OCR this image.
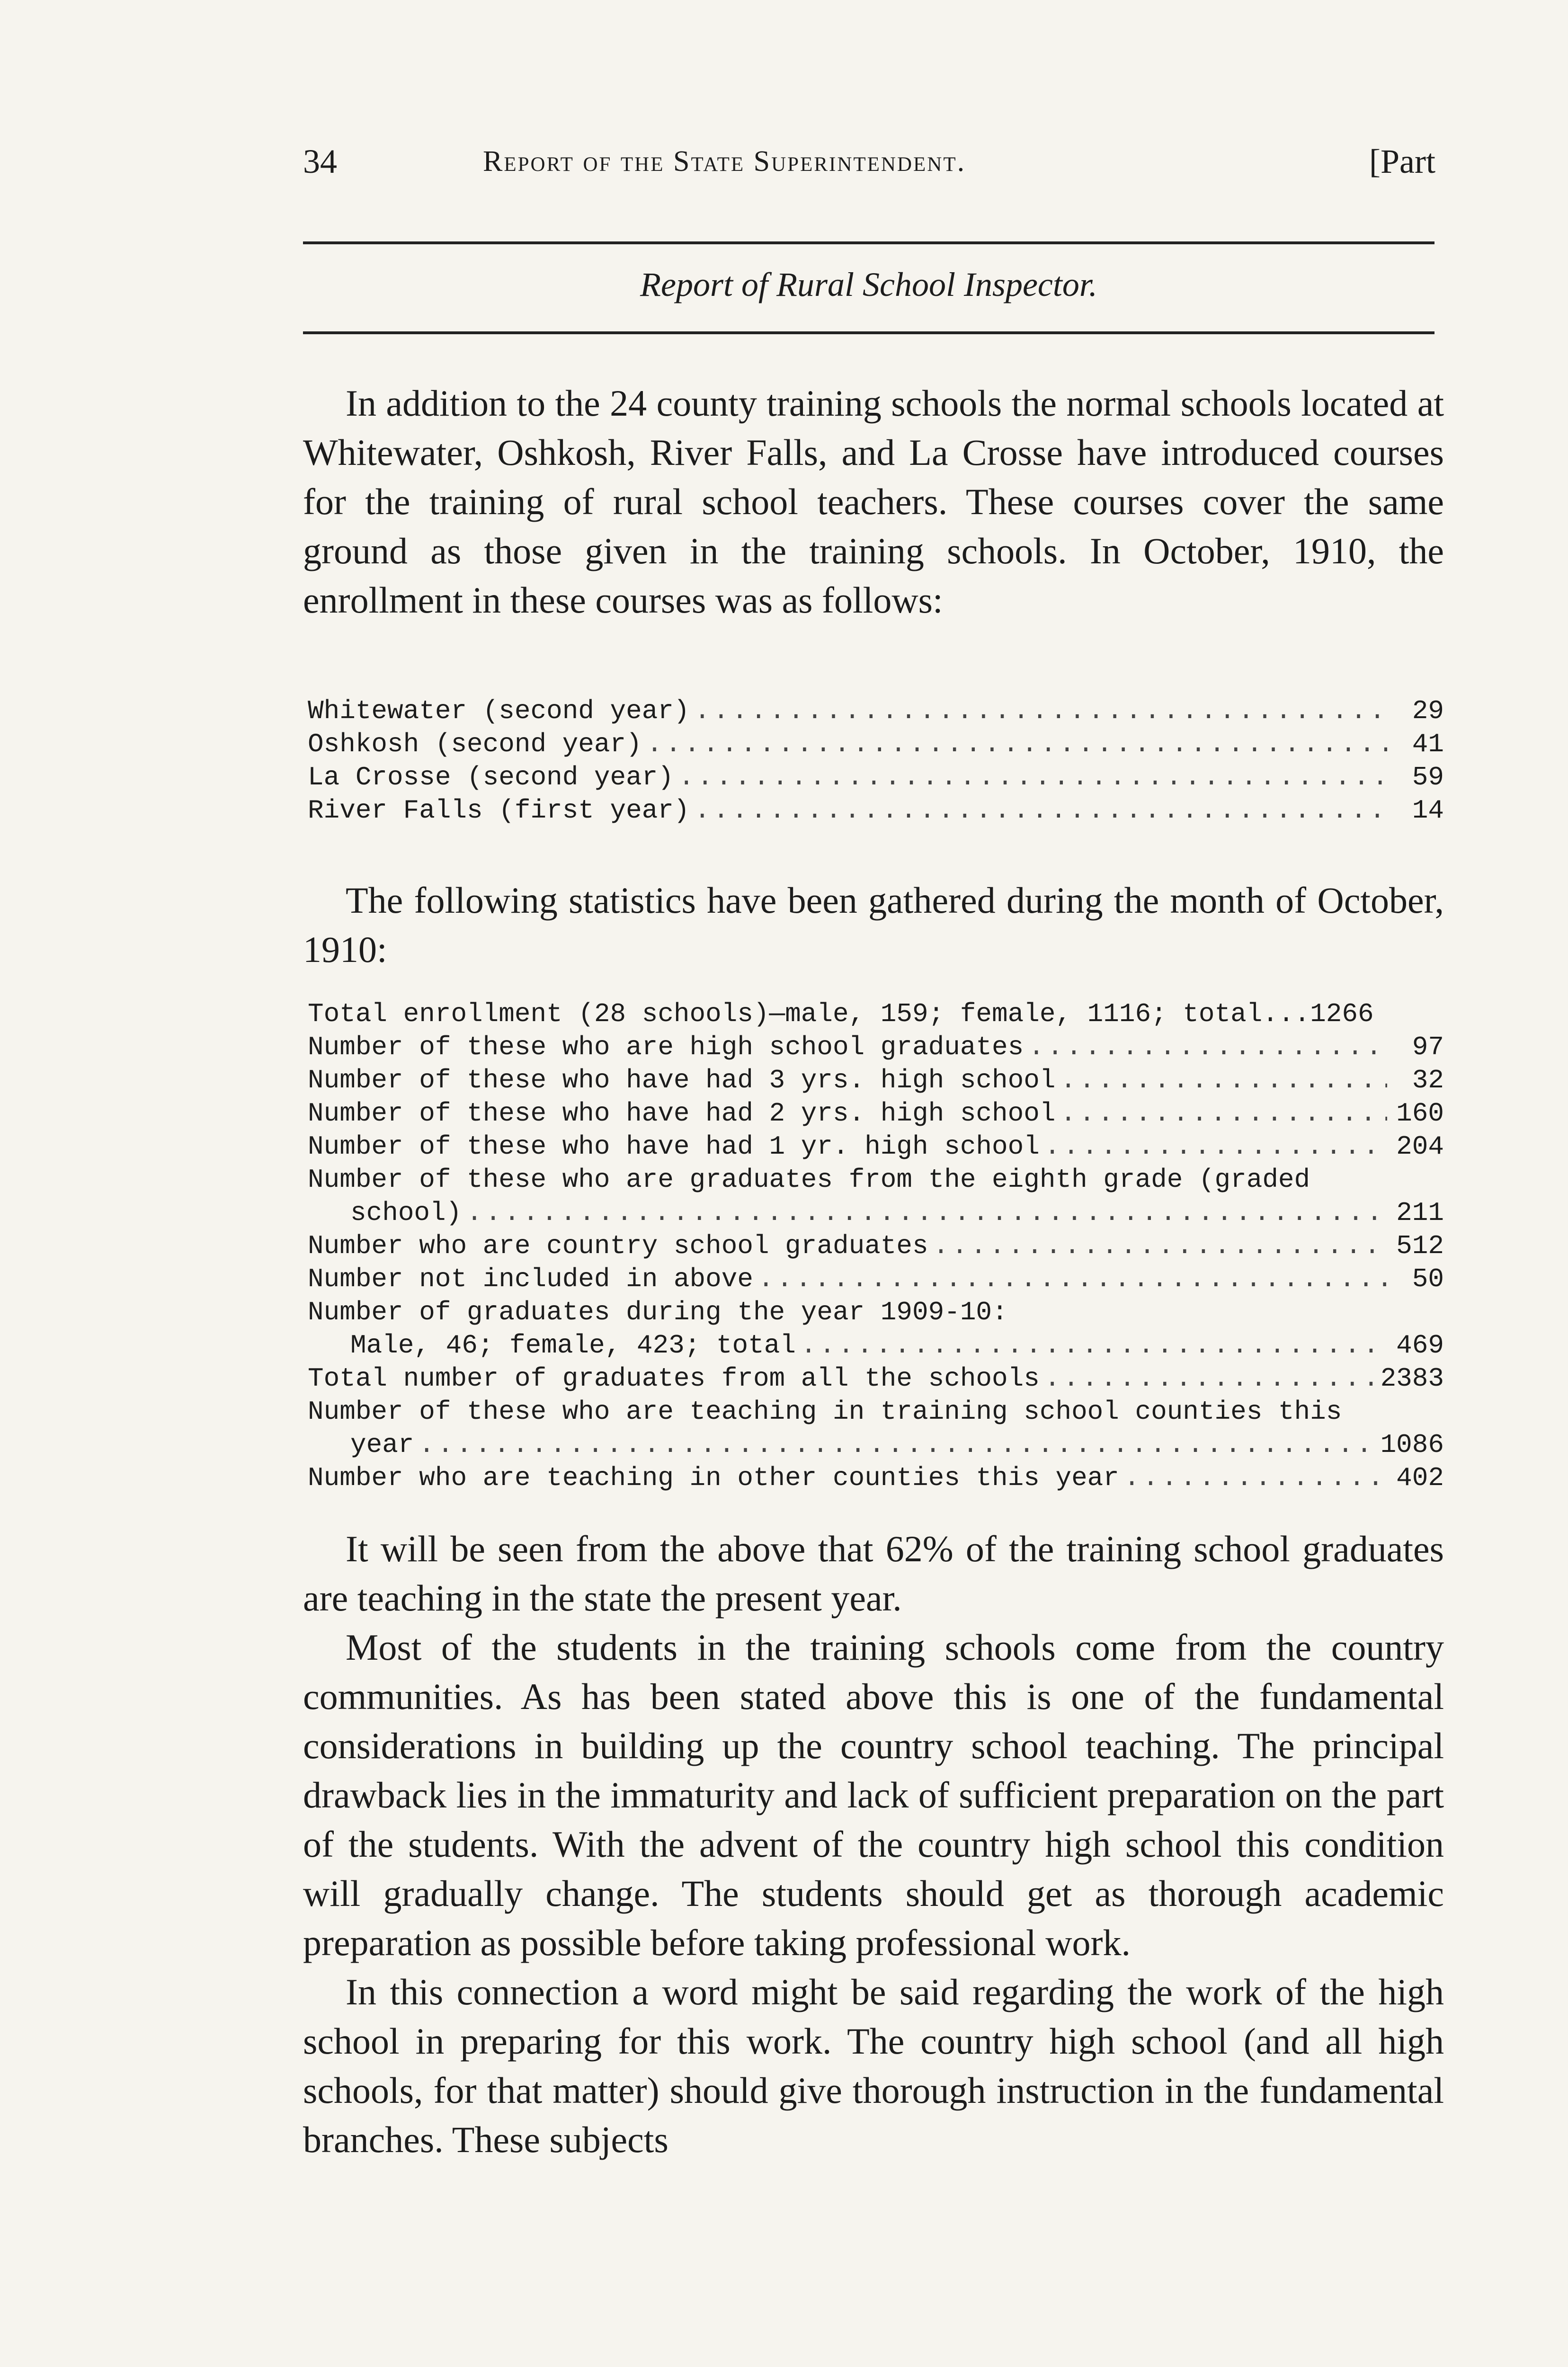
34	Report of the State Superintendent.	[Part
Report of Rural School Inspector.

In addition to the 24 county training schools the normal schools located at Whitewater, Oshkosh, River Falls, and La Crosse have introduced courses for the training of rural school teachers. These courses cover the same ground as those given in the training schools. In October, 1910, the enrollment in these courses was as follows:

Whitewater (second year) .....	29
Oshkosh (second year) .....	41
La Crosse (second year) .....	59
River Falls (first year) .....	14

The following statistics have been gathered during the month of October, 1910:

Total enrollment (28 schools)—male, 159; female, 1116; total...1266
Number of these who are high school graduates .....	97
Number of these who have had 3 yrs. high school .....	32
Number of these who have had 2 yrs. high school .....	160
Number of these who have had 1 yr. high school .....	204
Number of these who are graduates from the eighth grade (graded
school) .....	211
Number who are country school graduates .....	512
Number not included in above .....	50
Number of graduates during the year 1909-10:
Male, 46; female, 423; total .....	469
Total number of graduates from all the schools .....	2383
Number of these who are teaching in training school counties this
year .....	1086
Number who are teaching in other counties this year .....	402

It will be seen from the above that 62% of the training school graduates are teaching in the state the present year.

Most of the students in the training schools come from the country communities. As has been stated above this is one of the fundamental considerations in building up the country school teaching. The principal drawback lies in the immaturity and lack of sufficient preparation on the part of the students. With the advent of the country high school this condition will gradually change. The students should get as thorough academic preparation as possible before taking professional work.

In this connection a word might be said regarding the work of the high school in preparing for this work. The country high school (and all high schools, for that matter) should give thorough instruction in the fundamental branches. These subjects
